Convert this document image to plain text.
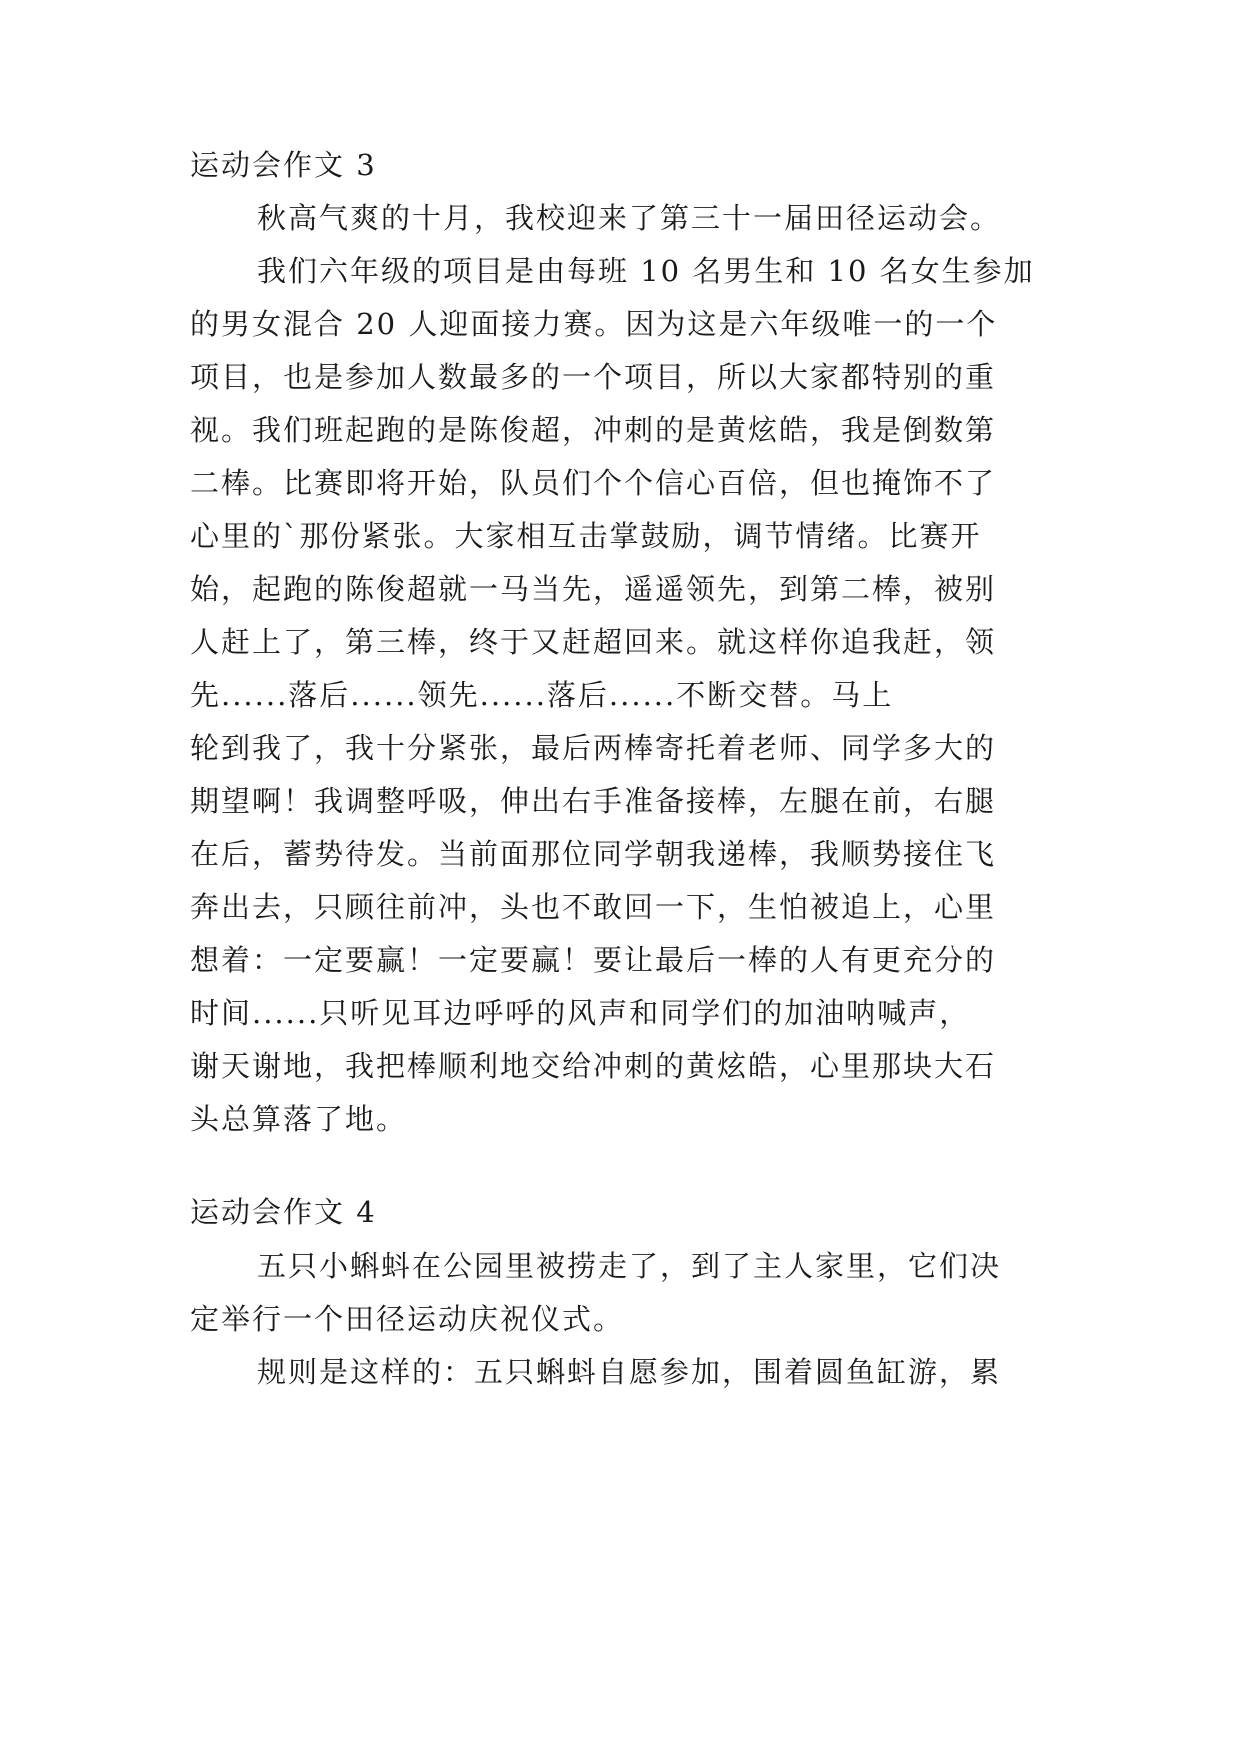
运动会作文 3
秋高气爽的十月，我校迎来了第三十一届田径运动会。
我们六年级的项目是由每班 10 名男生和 10 名女生参加
的男女混合 20 人迎面接力赛。因为这是六年级唯一的一个
项目，也是参加人数最多的一个项目，所以大家都特别的重
视。我们班起跑的是陈俊超，冲刺的是黄炫皓，我是倒数第
二棒。比赛即将开始，队员们个个信心百倍，但也掩饰不了
心里的`那份紧张。大家相互击掌鼓励，调节情绪。比赛开
始，起跑的陈俊超就一马当先，遥遥领先，到第二棒，被别
人赶上了，第三棒，终于又赶超回来。就这样你追我赶，领
先......落后......领先......落后......不断交替。马上
轮到我了，我十分紧张，最后两棒寄托着老师、同学多大的
期望啊！我调整呼吸，伸出右手准备接棒，左腿在前，右腿
在后，蓄势待发。当前面那位同学朝我递棒，我顺势接住飞
奔出去，只顾往前冲，头也不敢回一下，生怕被追上，心里
想着：一定要赢！一定要赢！要让最后一棒的人有更充分的
时间......只听见耳边呼呼的风声和同学们的加油呐喊声，
谢天谢地，我把棒顺利地交给冲刺的黄炫皓，心里那块大石
头总算落了地。
运动会作文 4
五只小蝌蚪在公园里被捞走了，到了主人家里，它们决
定举行一个田径运动庆祝仪式。
规则是这样的：五只蝌蚪自愿参加，围着圆鱼缸游，累
